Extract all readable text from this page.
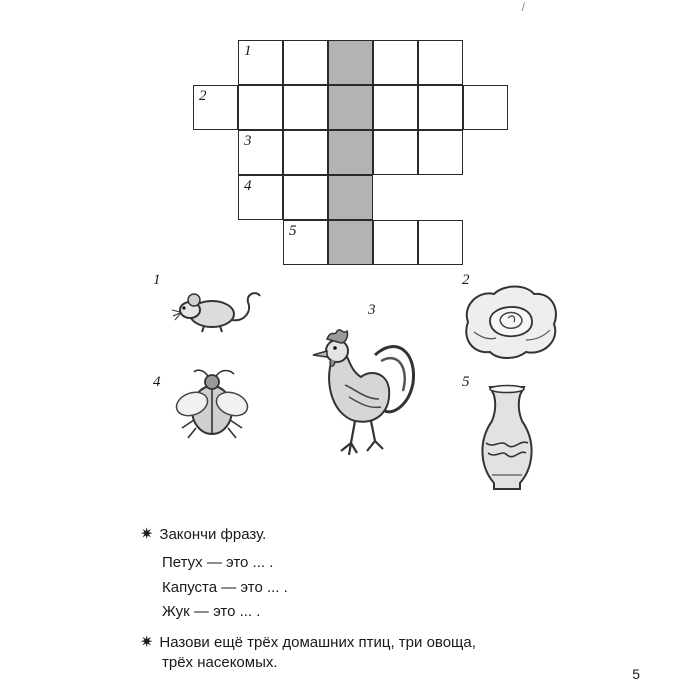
/
1
2
3
4
5
1	2
3
4	5
✷ Закончи фразу.
Петух — это ... .
Капуста — это ... .
Жук — это ... .
✷ Назови ещё трёх домашних птиц, три овоща,
трёх насекомых.
5
